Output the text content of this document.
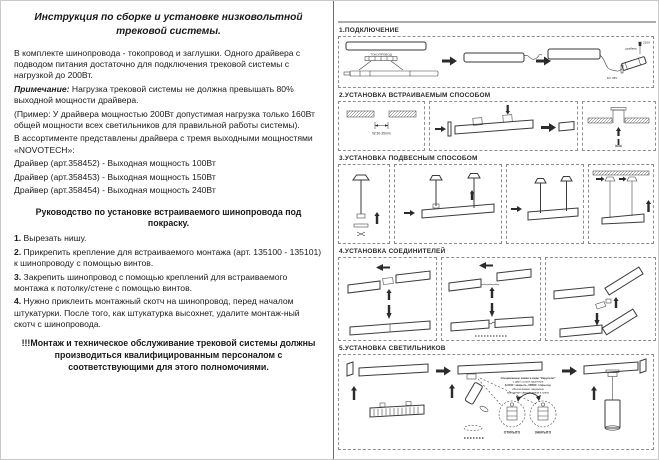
Инструкция по сборке и установке низковольтной трековой системы.

В комплекте шинопровода - токопровод и заглушки. Одного драйвера с подводом питания достаточно для подключения трековой системы с нагрузкой до 200Вт.

Примечание: Нагрузка трековой системы не должна превышать 80% выходной мощности драйвера.

(Пример: У драйвера мощностью 200Вт допустимая нагрузка только 160Вт общей мощности всех светильников для правильной работы системы).

В ассортименте представлены драйвера с тремя выходными мощностями «NOVOTECH»:

Драйвер (арт.358452) - Выходная мощность 100Вт

Драйвер (арт.358453) - Выходная мощность 150Вт

Драйвер (арт.358454) - Выходная мощность 240Вт

Руководство по установке встраиваемого шинопровода под покраску.

1. Вырезать нишу.

2. Прикрепить крепление для встраиваемого монтажа (арт. 135100 - 135101) к шинопроводу с помощью винтов.

3. Закрепить шинопровод с помощью креплений для встраиваемого монтажа к потолку/стене с помощью винтов.

4. Нужно приклеить монтажный скотч на шинопровод, перед началом штукатурки. После того, как штукатурка высохнет, удалите монтаж-ный скотч с шинопровода.

!!!Монтаж и техническое обслуживание трековой системы должны производиться квалифицированным персоналом с соответствующими для этого полномочиями.
1.ПОДКЛЮЧЕНИЕ
ТОКОПРОВОД
драйвер
AC 220V
DC 48V
2.УСТАНОВКА ВСТРАИВАЕМЫМ СПОСОБОМ
W:30-35mm
3.УСТАНОВКА ПОДВЕСНЫМ СПОСОБОМ
4.УСТАНОВКА СОЕДИНИТЕЛЕЙ
5.УСТАНОВКА СВЕТИЛЬНИКОВ
Специальные замки в виде "Карусели"
с двух сторон адаптера
(LOCK: закрыть, OPEN: открыть),
обеспечивают надежное
крепление светильников к треку
ОТКРЫТО	ЗАКРЫТО
